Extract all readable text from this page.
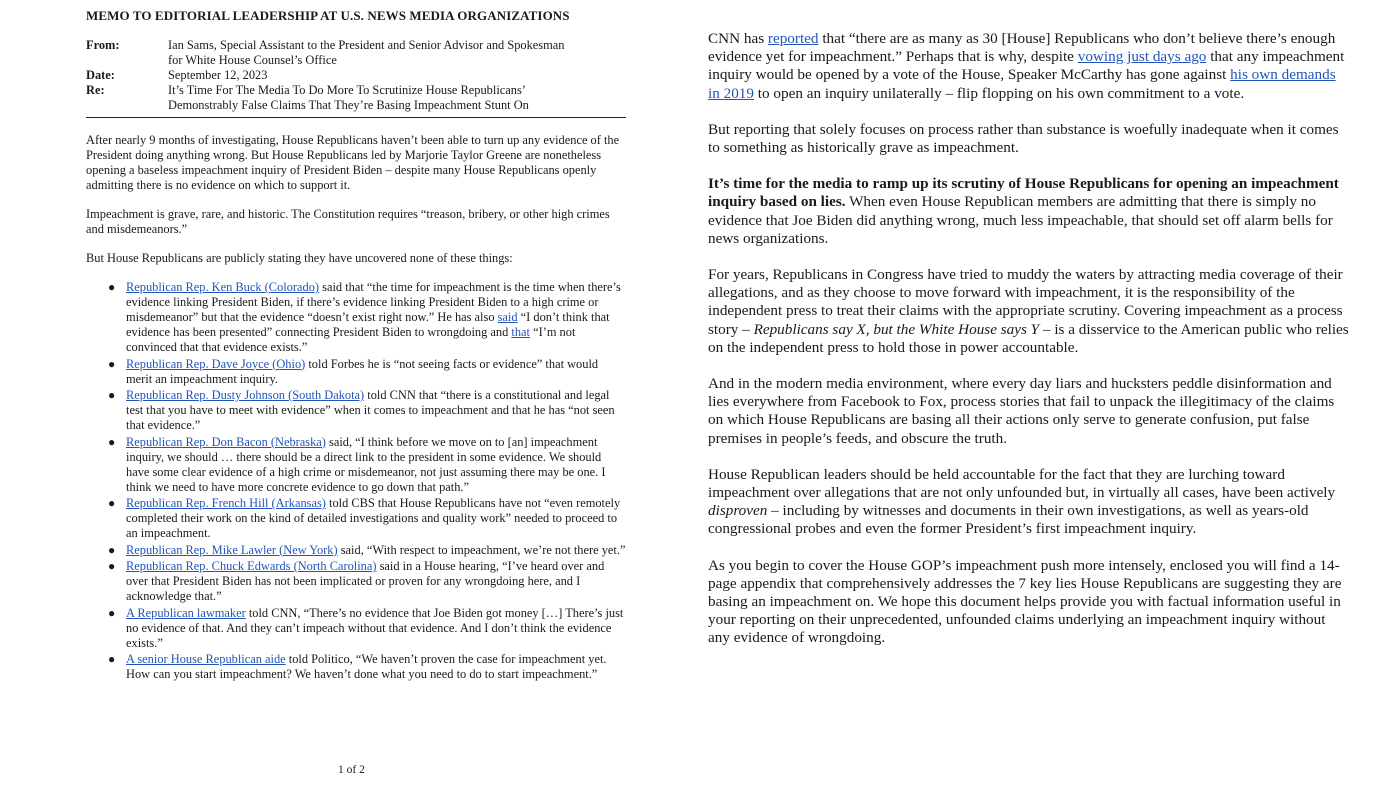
MEMO TO EDITORIAL LEADERSHIP AT U.S. NEWS MEDIA ORGANIZATIONS
From:	Ian Sams, Special Assistant to the President and Senior Advisor and Spokesman
for White House Counsel’s Office
Date:	September 12, 2023
Re:	It’s Time For The Media To Do More To Scrutinize House Republicans’
Demonstrably False Claims That They’re Basing Impeachment Stunt On

After nearly 9 months of investigating, House Republicans haven’t been able to turn up any evidence of the President doing anything wrong. But House Republicans led by Marjorie Taylor Greene are nonetheless opening a baseless impeachment inquiry of President Biden – despite many House Republicans openly admitting there is no evidence on which to support it.

Impeachment is grave, rare, and historic. The Constitution requires “treason, bribery, or other high crimes and misdemeanors.”

But House Republicans are publicly stating they have uncovered none of these things:

● Republican Rep. Ken Buck (Colorado) said that “the time for impeachment is the time when there’s evidence linking President Biden, if there’s evidence linking President Biden to a high crime or misdemeanor” but that the evidence “doesn’t exist right now.” He has also said “I don’t think that evidence has been presented” connecting President Biden to wrongdoing and that “I’m not convinced that that evidence exists.”
● Republican Rep. Dave Joyce (Ohio) told Forbes he is “not seeing facts or evidence” that would merit an impeachment inquiry.
● Republican Rep. Dusty Johnson (South Dakota) told CNN that “there is a constitutional and legal test that you have to meet with evidence” when it comes to impeachment and that he has “not seen that evidence.”
● Republican Rep. Don Bacon (Nebraska) said, “I think before we move on to [an] impeachment inquiry, we should … there should be a direct link to the president in some evidence. We should have some clear evidence of a high crime or misdemeanor, not just assuming there may be one. I think we need to have more concrete evidence to go down that path.”
● Republican Rep. French Hill (Arkansas) told CBS that House Republicans have not “even remotely completed their work on the kind of detailed investigations and quality work” needed to proceed to an impeachment.
● Republican Rep. Mike Lawler (New York) said, “With respect to impeachment, we’re not there yet.”
● Republican Rep. Chuck Edwards (North Carolina) said in a House hearing, “I’ve heard over and over that President Biden has not been implicated or proven for any wrongdoing here, and I acknowledge that.”
● A Republican lawmaker told CNN, “There’s no evidence that Joe Biden got money […] There’s just no evidence of that. And they can’t impeach without that evidence. And I don’t think the evidence exists.”
● A senior House Republican aide told Politico, “We haven’t proven the case for impeachment yet. How can you start impeachment? We haven’t done what you need to do to start impeachment.”
1 of 2

CNN has reported that “there are as many as 30 [House] Republicans who don’t believe there’s enough evidence yet for impeachment.” Perhaps that is why, despite vowing just days ago that any impeachment inquiry would be opened by a vote of the House, Speaker McCarthy has gone against his own demands in 2019 to open an inquiry unilaterally – flip flopping on his own commitment to a vote.

But reporting that solely focuses on process rather than substance is woefully inadequate when it comes to something as historically grave as impeachment.

It’s time for the media to ramp up its scrutiny of House Republicans for opening an impeachment inquiry based on lies. When even House Republican members are admitting that there is simply no evidence that Joe Biden did anything wrong, much less impeachable, that should set off alarm bells for news organizations.

For years, Republicans in Congress have tried to muddy the waters by attracting media coverage of their allegations, and as they choose to move forward with impeachment, it is the responsibility of the independent press to treat their claims with the appropriate scrutiny. Covering impeachment as a process story – Republicans say X, but the White House says Y – is a disservice to the American public who relies on the independent press to hold those in power accountable.

And in the modern media environment, where every day liars and hucksters peddle disinformation and lies everywhere from Facebook to Fox, process stories that fail to unpack the illegitimacy of the claims on which House Republicans are basing all their actions only serve to generate confusion, put false premises in people’s feeds, and obscure the truth.

House Republican leaders should be held accountable for the fact that they are lurching toward impeachment over allegations that are not only unfounded but, in virtually all cases, have been actively disproven – including by witnesses and documents in their own investigations, as well as years-old congressional probes and even the former President’s first impeachment inquiry.

As you begin to cover the House GOP’s impeachment push more intensely, enclosed you will find a 14-page appendix that comprehensively addresses the 7 key lies House Republicans are suggesting they are basing an impeachment on. We hope this document helps provide you with factual information useful in your reporting on their unprecedented, unfounded claims underlying an impeachment inquiry without any evidence of wrongdoing.
